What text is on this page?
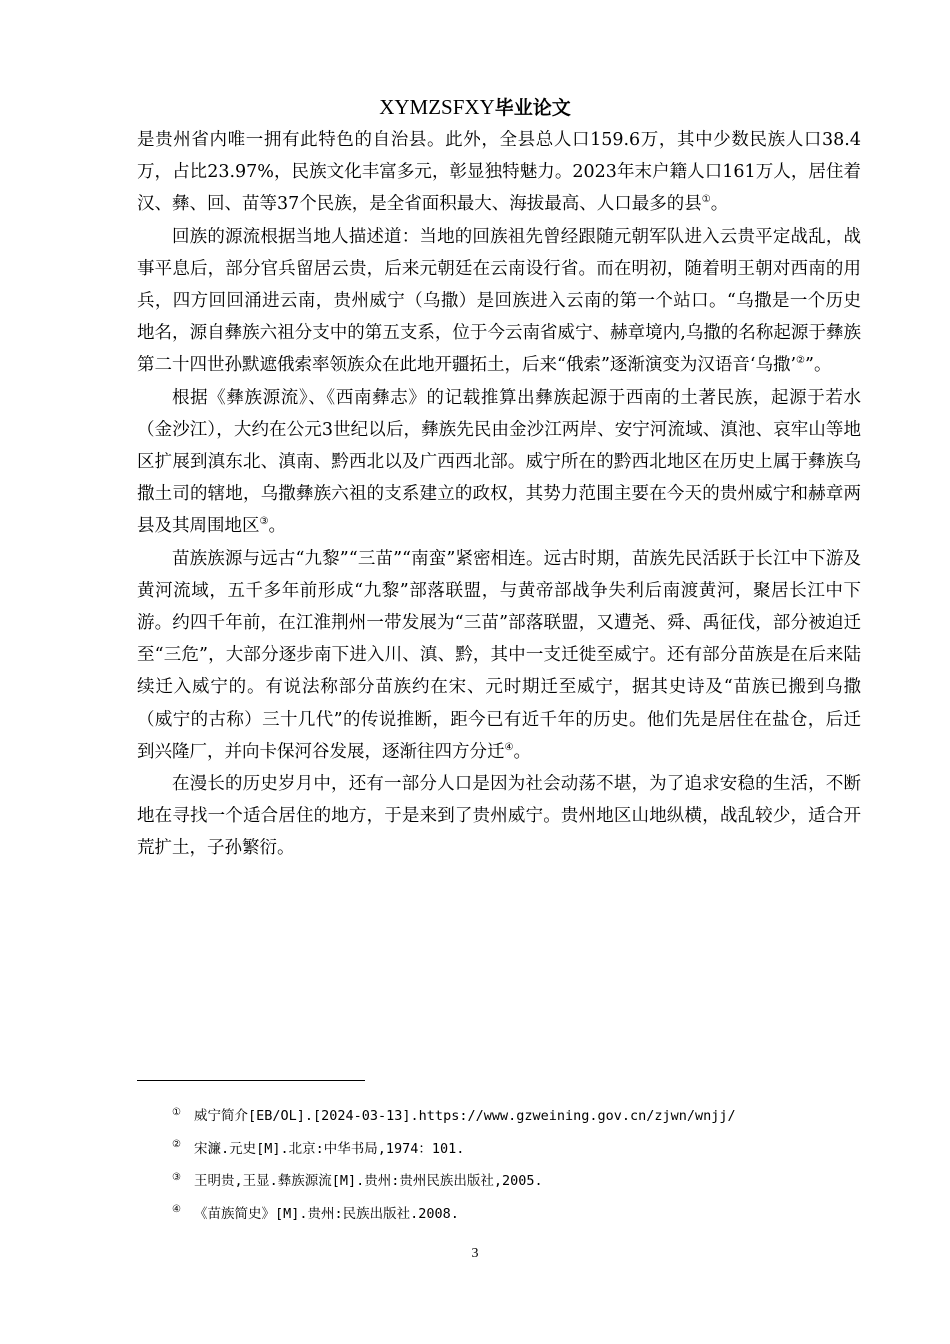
XYMZSFXY毕业论文

是贵州省内唯一拥有此特色的自治县。此外，全县总人口159.6万，其中少数民族人口38.4万，占比23.97%，民族文化丰富多元，彰显独特魅力。2023年末户籍人口161万人，居住着汉、彝、回、苗等37个民族，是全省面积最大、海拔最高、人口最多的县①。

回族的源流根据当地人描述道：当地的回族祖先曾经跟随元朝军队进入云贵平定战乱，战事平息后，部分官兵留居云贵，后来元朝廷在云南设行省。而在明初，随着明王朝对西南的用兵，四方回回涌进云南，贵州威宁（乌撒）是回族进入云南的第一个站口。“乌撒是一个历史地名，源自彝族六祖分支中的第五支系，位于今云南省威宁、赫章境内,乌撒的名称起源于彝族第二十四世孙默遮俄索率领族众在此地开疆拓土，后来“俄索”逐渐演变为汉语音‘乌撒’②”。

根据《彝族源流》、《西南彝志》的记载推算出彝族起源于西南的土著民族，起源于若水（金沙江），大约在公元3世纪以后，彝族先民由金沙江两岸、安宁河流域、滇池、哀牢山等地区扩展到滇东北、滇南、黔西北以及广西西北部。威宁所在的黔西北地区在历史上属于彝族乌撒土司的辖地，乌撒彝族六祖的支系建立的政权，其势力范围主要在今天的贵州威宁和赫章两县及其周围地区③。

苗族族源与远古“九黎”“三苗”“南蛮”紧密相连。远古时期，苗族先民活跃于长江中下游及黄河流域，五千多年前形成“九黎”部落联盟，与黄帝部战争失利后南渡黄河，聚居长江中下游。约四千年前，在江淮荆州一带发展为“三苗”部落联盟，又遭尧、舜、禹征伐，部分被迫迁至“三危”，大部分逐步南下进入川、滇、黔，其中一支迁徙至威宁。还有部分苗族是在后来陆续迁入威宁的。有说法称部分苗族约在宋、元时期迁至威宁，据其史诗及“苗族已搬到乌撒（威宁的古称）三十几代”的传说推断，距今已有近千年的历史。他们先是居住在盐仓，后迁到兴隆厂，并向卡保河谷发展，逐渐往四方分迁④。

在漫长的历史岁月中，还有一部分人口是因为社会动荡不堪，为了追求安稳的生活，不断地在寻找一个适合居住的地方，于是来到了贵州威宁。贵州地区山地纵横，战乱较少，适合开荒扩土，子孙繁衍。

① 威宁简介[EB/OL].[2024-03-13].https://www.gzweining.gov.cn/zjwn/wnjj/
② 宋濂.元史[M].北京:中华书局,1974：101.
③ 王明贵,王显.彝族源流[M].贵州:贵州民族出版社,2005.
④ 《苗族简史》[M].贵州:民族出版社.2008.
3
